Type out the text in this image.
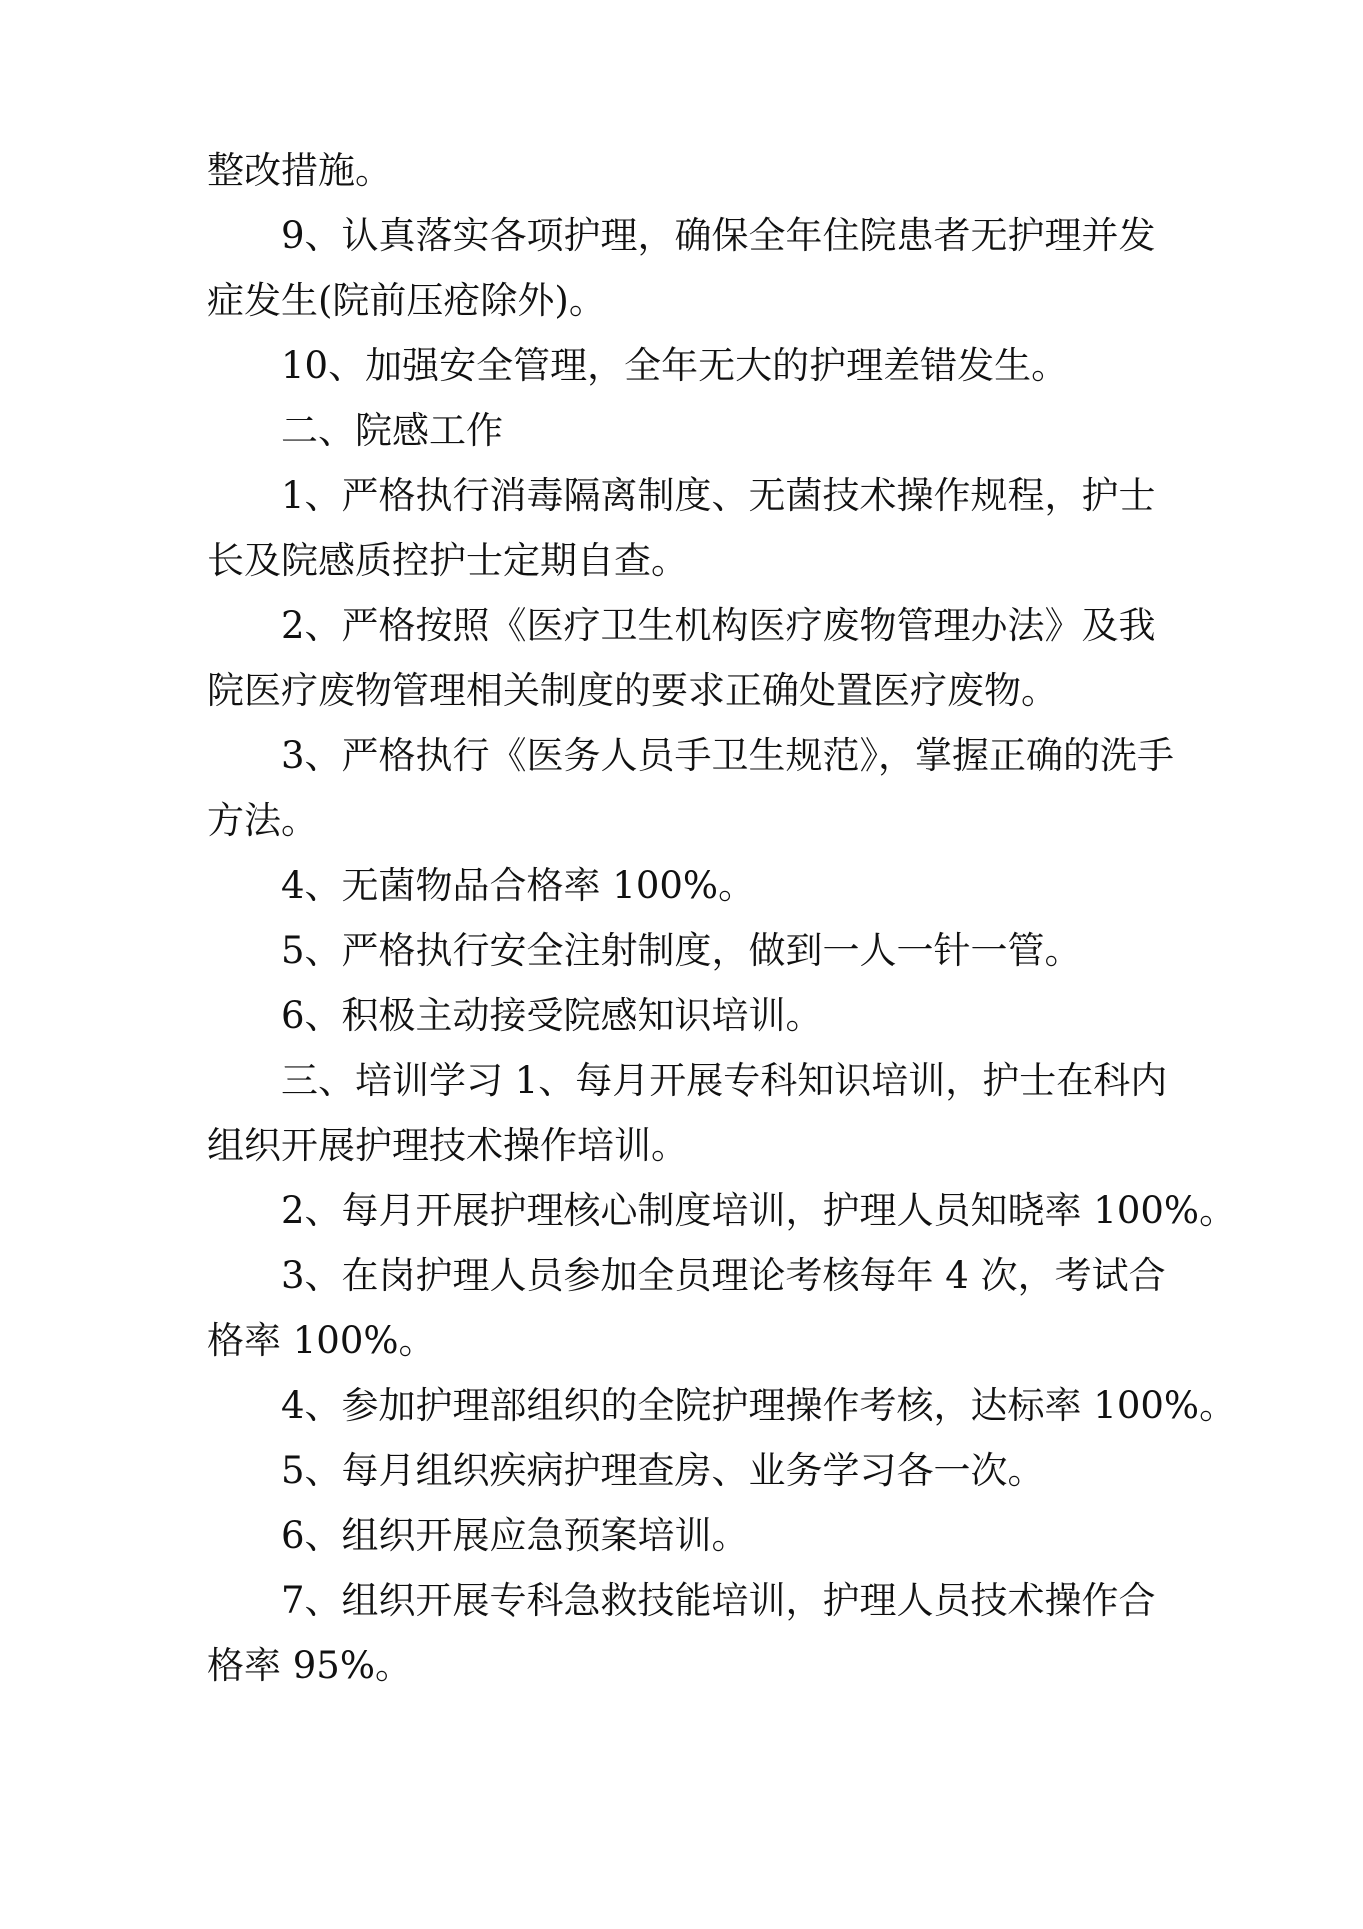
整改措施。

9、认真落实各项护理，确保全年住院患者无护理并发

症发生(院前压疮除外)。

10、加强安全管理，全年无大的护理差错发生。

二、院感工作

1、严格执行消毒隔离制度、无菌技术操作规程，护士

长及院感质控护士定期自查。

2、严格按照《医疗卫生机构医疗废物管理办法》及我

院医疗废物管理相关制度的要求正确处置医疗废物。

3、严格执行《医务人员手卫生规范》，掌握正确的洗手

方法。

4、无菌物品合格率 100%。

5、严格执行安全注射制度，做到一人一针一管。

6、积极主动接受院感知识培训。

三、培训学习 1、每月开展专科知识培训，护士在科内

组织开展护理技术操作培训。

2、每月开展护理核心制度培训，护理人员知晓率 100%。

3、在岗护理人员参加全员理论考核每年 4 次，考试合

格率 100%。

4、参加护理部组织的全院护理操作考核，达标率 100%。

5、每月组织疾病护理查房、业务学习各一次。

6、组织开展应急预案培训。

7、组织开展专科急救技能培训，护理人员技术操作合

格率 95%。
